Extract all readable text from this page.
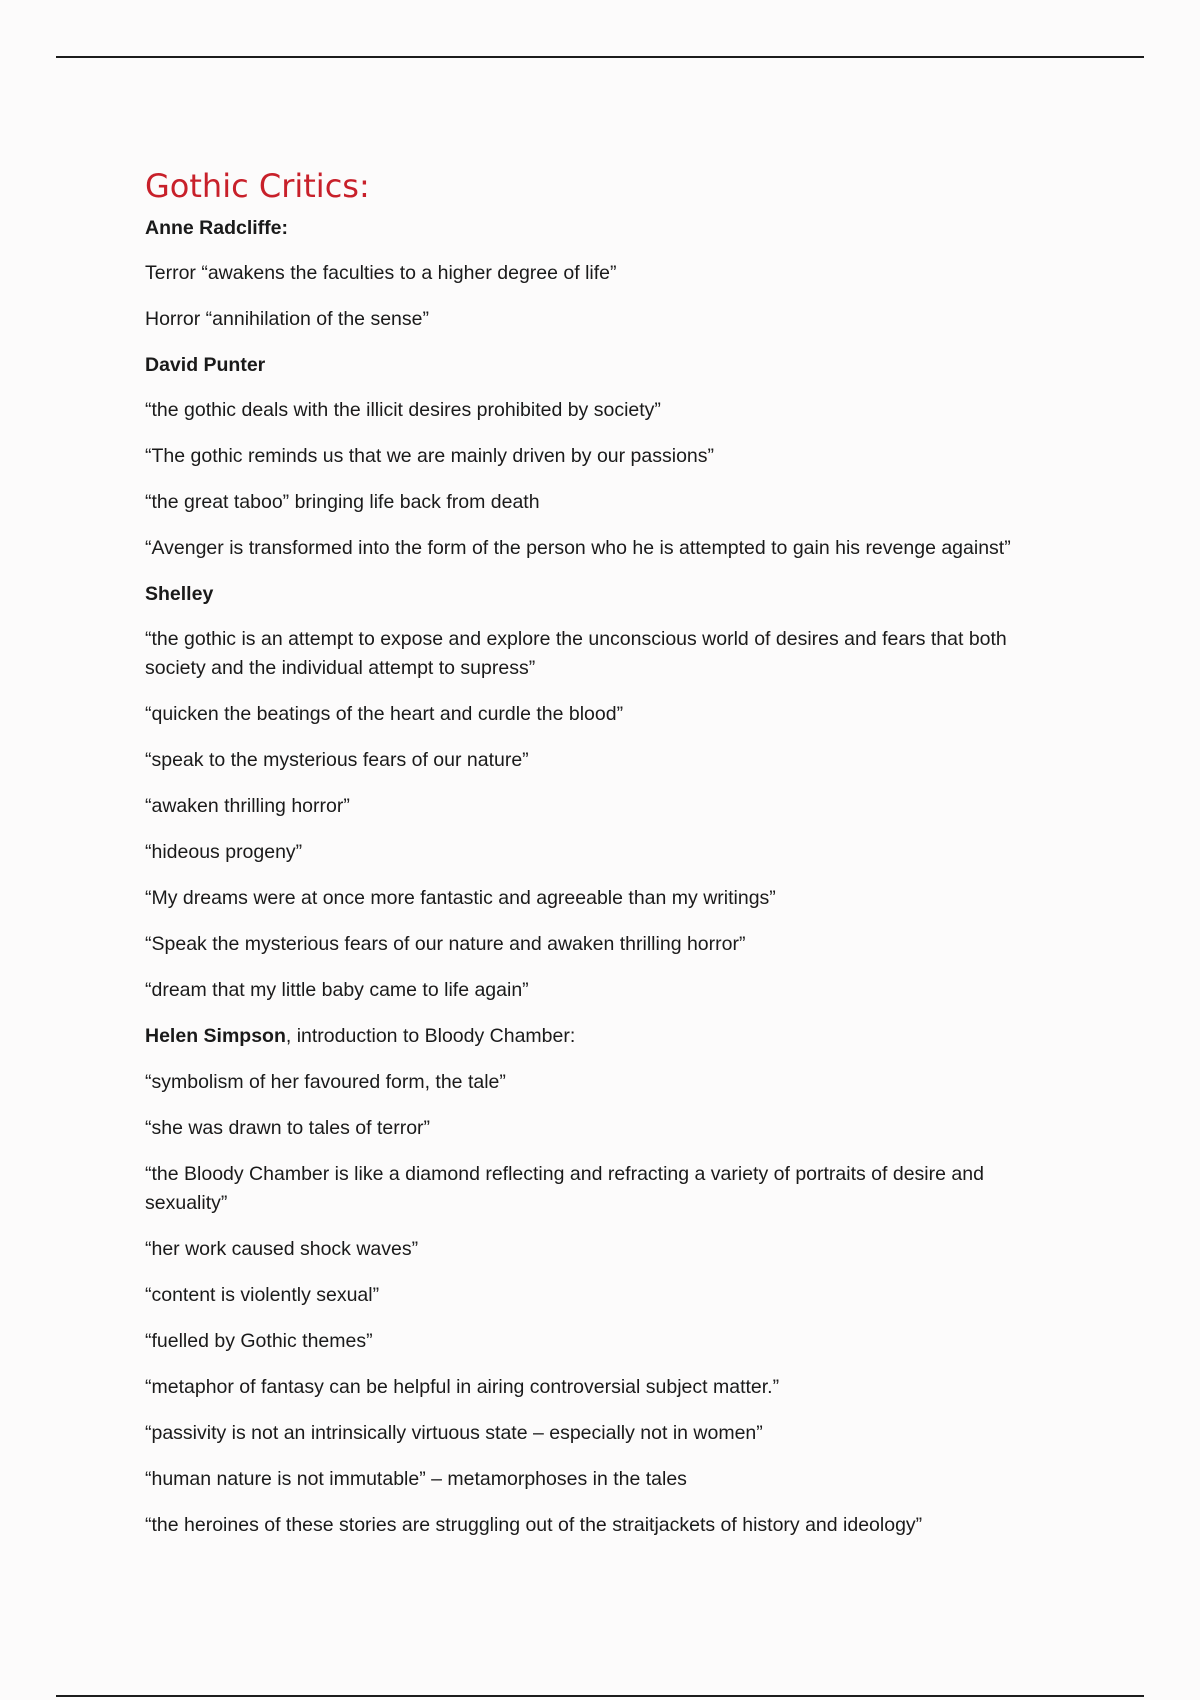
Gothic Critics:

Anne Radcliffe:

Terror “awakens the faculties to a higher degree of life”

Horror “annihilation of the sense”

David Punter

“the gothic deals with the illicit desires prohibited by society”

“The gothic reminds us that we are mainly driven by our passions”

“the great taboo” bringing life back from death

“Avenger is transformed into the form of the person who he is attempted to gain his revenge against”

Shelley

“the gothic is an attempt to expose and explore the unconscious world of desires and fears that both society and the individual attempt to supress”

“quicken the beatings of the heart and curdle the blood”

“speak to the mysterious fears of our nature”

“awaken thrilling horror”

“hideous progeny”

“My dreams were at once more fantastic and agreeable than my writings”

“Speak the mysterious fears of our nature and awaken thrilling horror”

“dream that my little baby came to life again”

Helen Simpson, introduction to Bloody Chamber:

“symbolism of her favoured form, the tale”

“she was drawn to tales of terror”

“the Bloody Chamber is like a diamond reflecting and refracting a variety of portraits of desire and sexuality”

“her work caused shock waves”

“content is violently sexual”

“fuelled by Gothic themes”

“metaphor of fantasy can be helpful in airing controversial subject matter.”

“passivity is not an intrinsically virtuous state – especially not in women”

“human nature is not immutable” – metamorphoses in the tales

“the heroines of these stories are struggling out of the straitjackets of history and ideology”
